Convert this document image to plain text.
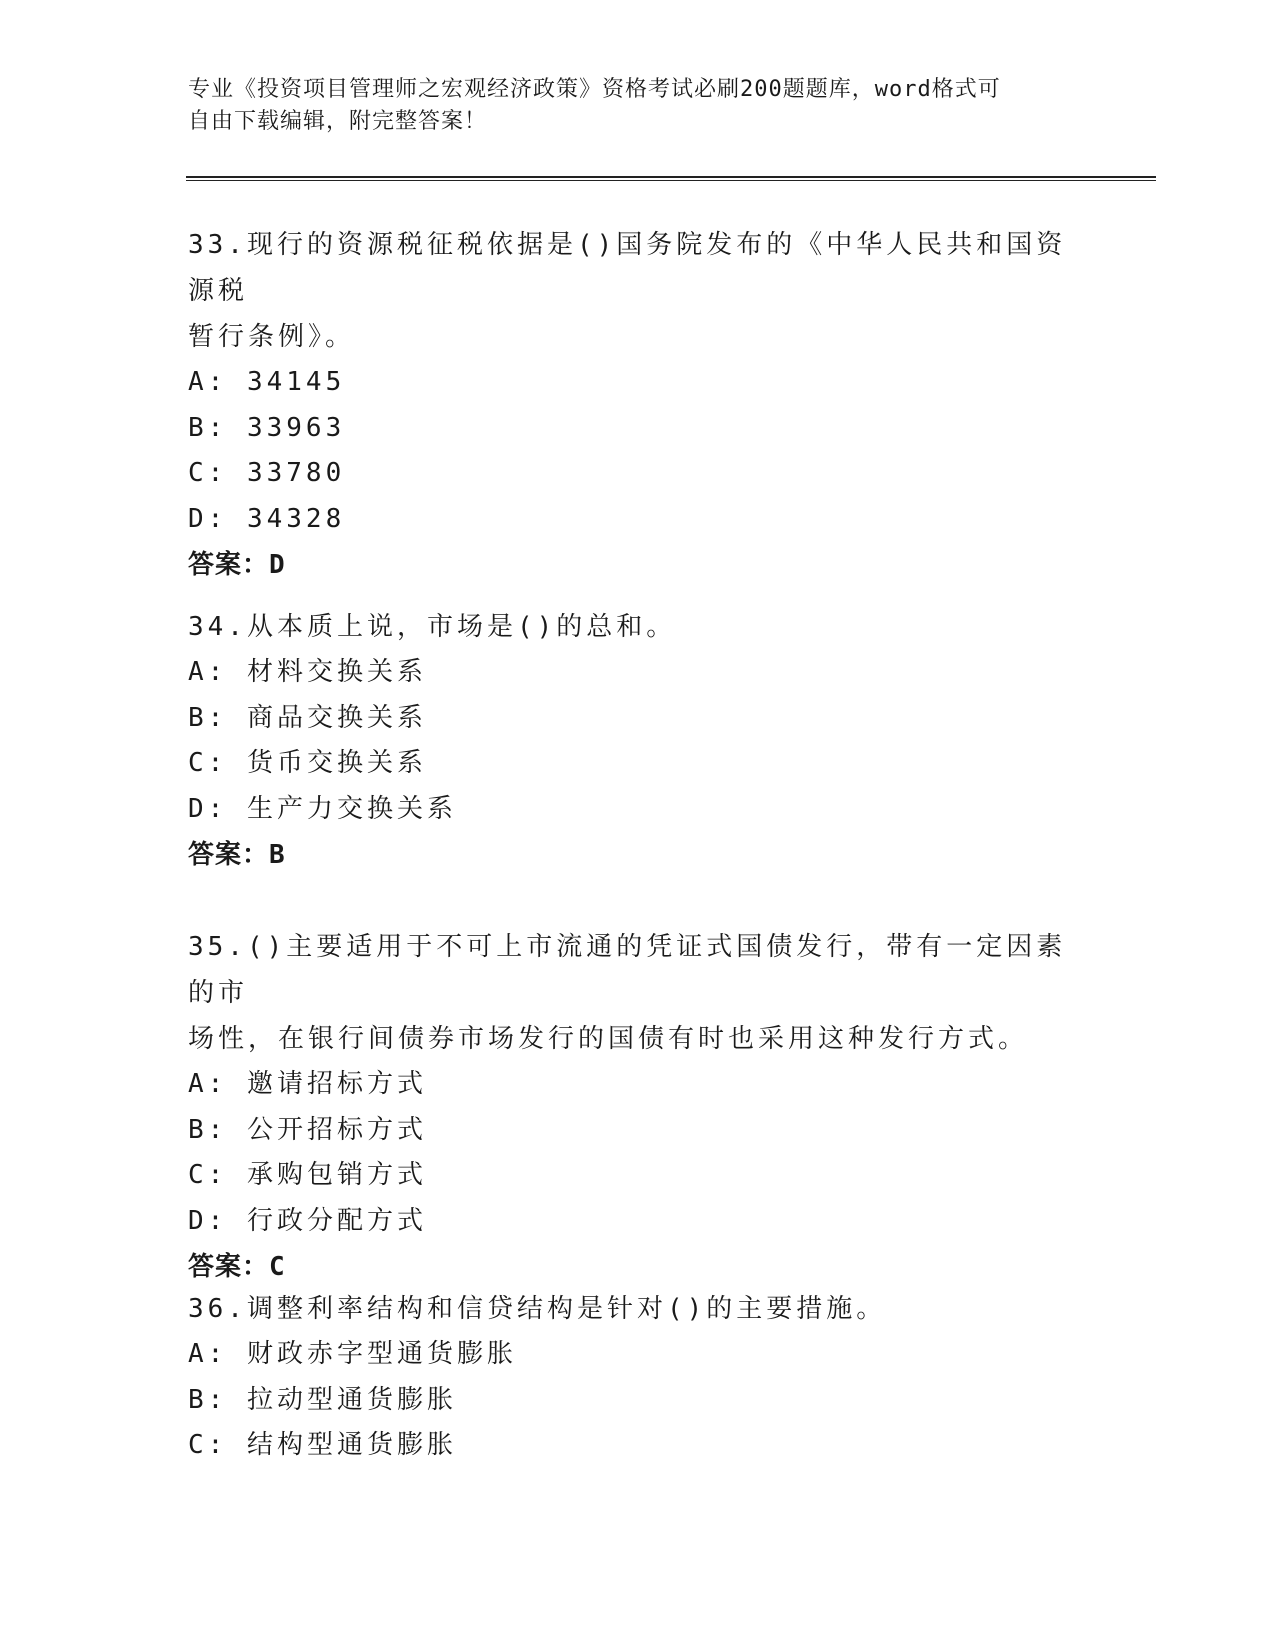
专业《投资项目管理师之宏观经济政策》资格考试必刷200题题库，word格式可
自由下载编辑，附完整答案！

33.现行的资源税征税依据是()国务院发布的《中华人民共和国资源税

暂行条例》。

A: 34145

B: 33963

C: 33780

D: 34328

答案：D

34.从本质上说，市场是()的总和。

A: 材料交换关系

B: 商品交换关系

C: 货币交换关系

D: 生产力交换关系

答案：B

35.()主要适用于不可上市流通的凭证式国债发行，带有一定因素的市

场性，在银行间债券市场发行的国债有时也采用这种发行方式。

A: 邀请招标方式

B: 公开招标方式

C: 承购包销方式

D: 行政分配方式

答案：C

36.调整利率结构和信贷结构是针对()的主要措施。

A: 财政赤字型通货膨胀

B: 拉动型通货膨胀

C: 结构型通货膨胀
